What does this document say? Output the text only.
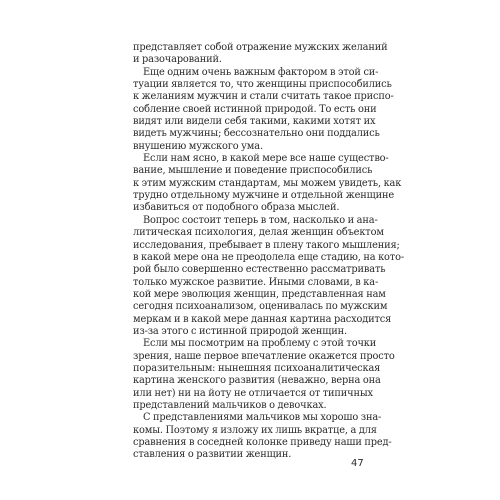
представляет собой отражение мужских желаний
и разочарований.
Еще одним очень важным фактором в этой си-
туации является то, что женщины приспособились
к желаниям мужчин и стали считать такое приспо-
собление своей истинной природой. То есть они
видят или видели себя такими, какими хотят их
видеть мужчины; бессознательно они поддались
внушению мужского ума.
Если нам ясно, в какой мере все наше существо-
вание, мышление и поведение приспособились
к этим мужским стандартам, мы можем увидеть, как
трудно отдельному мужчине и отдельной женщине
избавиться от подобного образа мыслей.
Вопрос состоит теперь в том, насколько и ана-
литическая психология, делая женщин объектом
исследования, пребывает в плену такого мышления;
в какой мере она не преодолела еще стадию, на кото-
рой было совершенно естественно рассматривать
только мужское развитие. Иными словами, в ка-
кой мере эволюция женщин, представленная нам
сегодня психоанализом, оценивалась по мужским
меркам и в какой мере данная картина расходится
из-за этого с истинной природой женщин.
Если мы посмотрим на проблему с этой точки
зрения, наше первое впечатление окажется просто
поразительным: нынешняя психоаналитическая
картина женского развития (неважно, верна она
или нет) ни на йоту не отличается от типичных
представлений мальчиков о девочках.
С представлениями мальчиков мы хорошо зна-
комы. Поэтому я изложу их лишь вкратце, а для
сравнения в соседней колонке приведу наши пред-
ставления о развитии женщин.
47
